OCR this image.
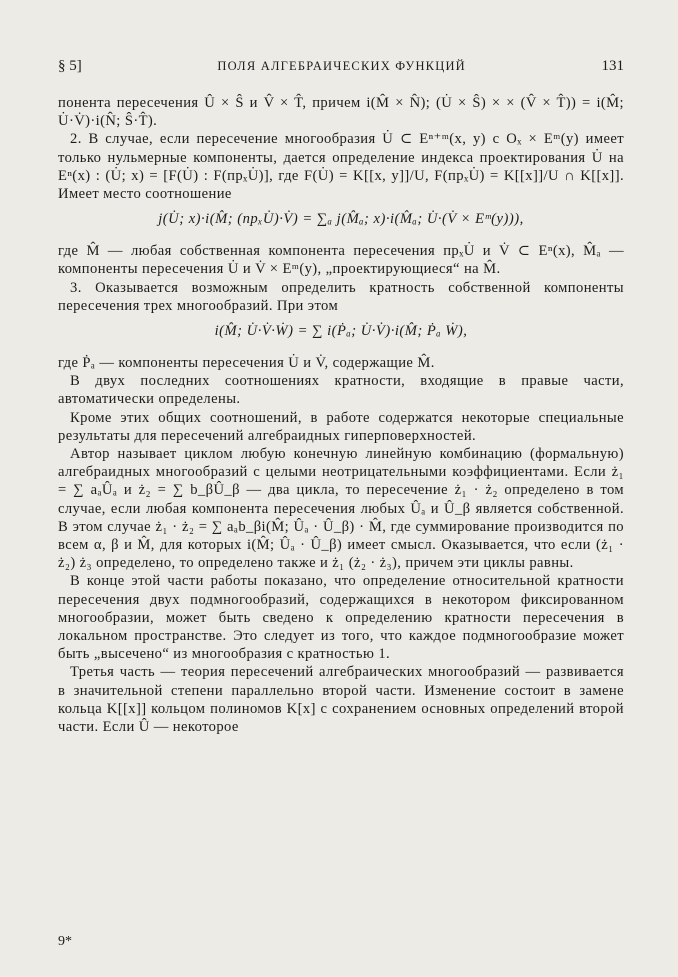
§ 5]	ПОЛЯ АЛГЕБРАИЧЕСКИХ ФУНКЦИЙ	131

понента пересечения Û × Ŝ и V̂ × T̂, причем i(M̂ × N̂); (U̇ × Ŝ) × × (V̂ × T̂)) = i(M̂; U̇·V̇)·i(N̂; Ŝ·T̂).

2. В случае, если пересечение многообразия U̇ ⊂ Eⁿ⁺ᵐ(x, y) с Oₓ × Eᵐ(y) имеет только нульмерные компоненты, дается определение индекса проектирования U̇ на Eⁿ(x) : (U̇; x) = [F(U̇) : F(прₓU̇)], где F(U̇) = K[[x, y]]/U, F(прₓU̇) = K[[x]]/U ∩ K[[x]]. Имеет место соотношение

j(U̇; x)·i(M̂; (прₓU̇)·V̇) = ∑ₐ j(M̂ₐ; x)·i(M̂ₐ; U̇·(V̇ × Eᵐ(y))),

где M̂ — любая собственная компонента пересечения прₓU̇ и V̇ ⊂ Eⁿ(x), M̂ₐ — компоненты пересечения U̇ и V̇ × Eᵐ(y), „проектирующиеся“ на M̂.

3. Оказывается возможным определить кратность собственной компоненты пересечения трех многообразий. При этом

i(M̂; U̇·V̇·Ẇ) = ∑ i(Ṗₐ; U̇·V̇)·i(M̂; Ṗₐ Ẇ),

где Ṗₐ — компоненты пересечения U̇ и V̇, содержащие M̂.

В двух последних соотношениях кратности, входящие в правые части, автоматически определены.

Кроме этих общих соотношений, в работе содержатся некоторые специальные результаты для пересечений алгебраидных гиперповерхностей.

Автор называет циклом любую конечную линейную комбинацию (формальную) алгебраидных многообразий с целыми неотрицательными коэффициентами. Если ż₁ = ∑ aₐÛₐ и ż₂ = ∑ b_βÛ_β — два цикла, то пересечение ż₁ · ż₂ определено в том случае, если любая компонента пересечения любых Ûₐ и Û_β является собственной. В этом случае ż₁ · ż₂ = ∑ aₐb_βi(M̂; Ûₐ · Û_β) · M̂, где суммирование производится по всем α, β и M̂, для которых i(M̂; Ûₐ · Û_β) имеет смысл. Оказывается, что если (ż₁ · ż₂) ż₃ определено, то определено также и ż₁ (ż₂ · ż₃), причем эти циклы равны.

В конце этой части работы показано, что определение относительной кратности пересечения двух подмногообразий, содержащихся в некотором фиксированном многообразии, может быть сведено к определению кратности пересечения в локальном пространстве. Это следует из того, что каждое подмногообразие может быть „высечено“ из многообразия с кратностью 1.

Третья часть — теория пересечений алгебраических многообразий — развивается в значительной степени параллельно второй части. Изменение состоит в замене кольца K[[x]] кольцом полиномов K[x] с сохранением основных определений второй части. Если Û — некоторое

9*
